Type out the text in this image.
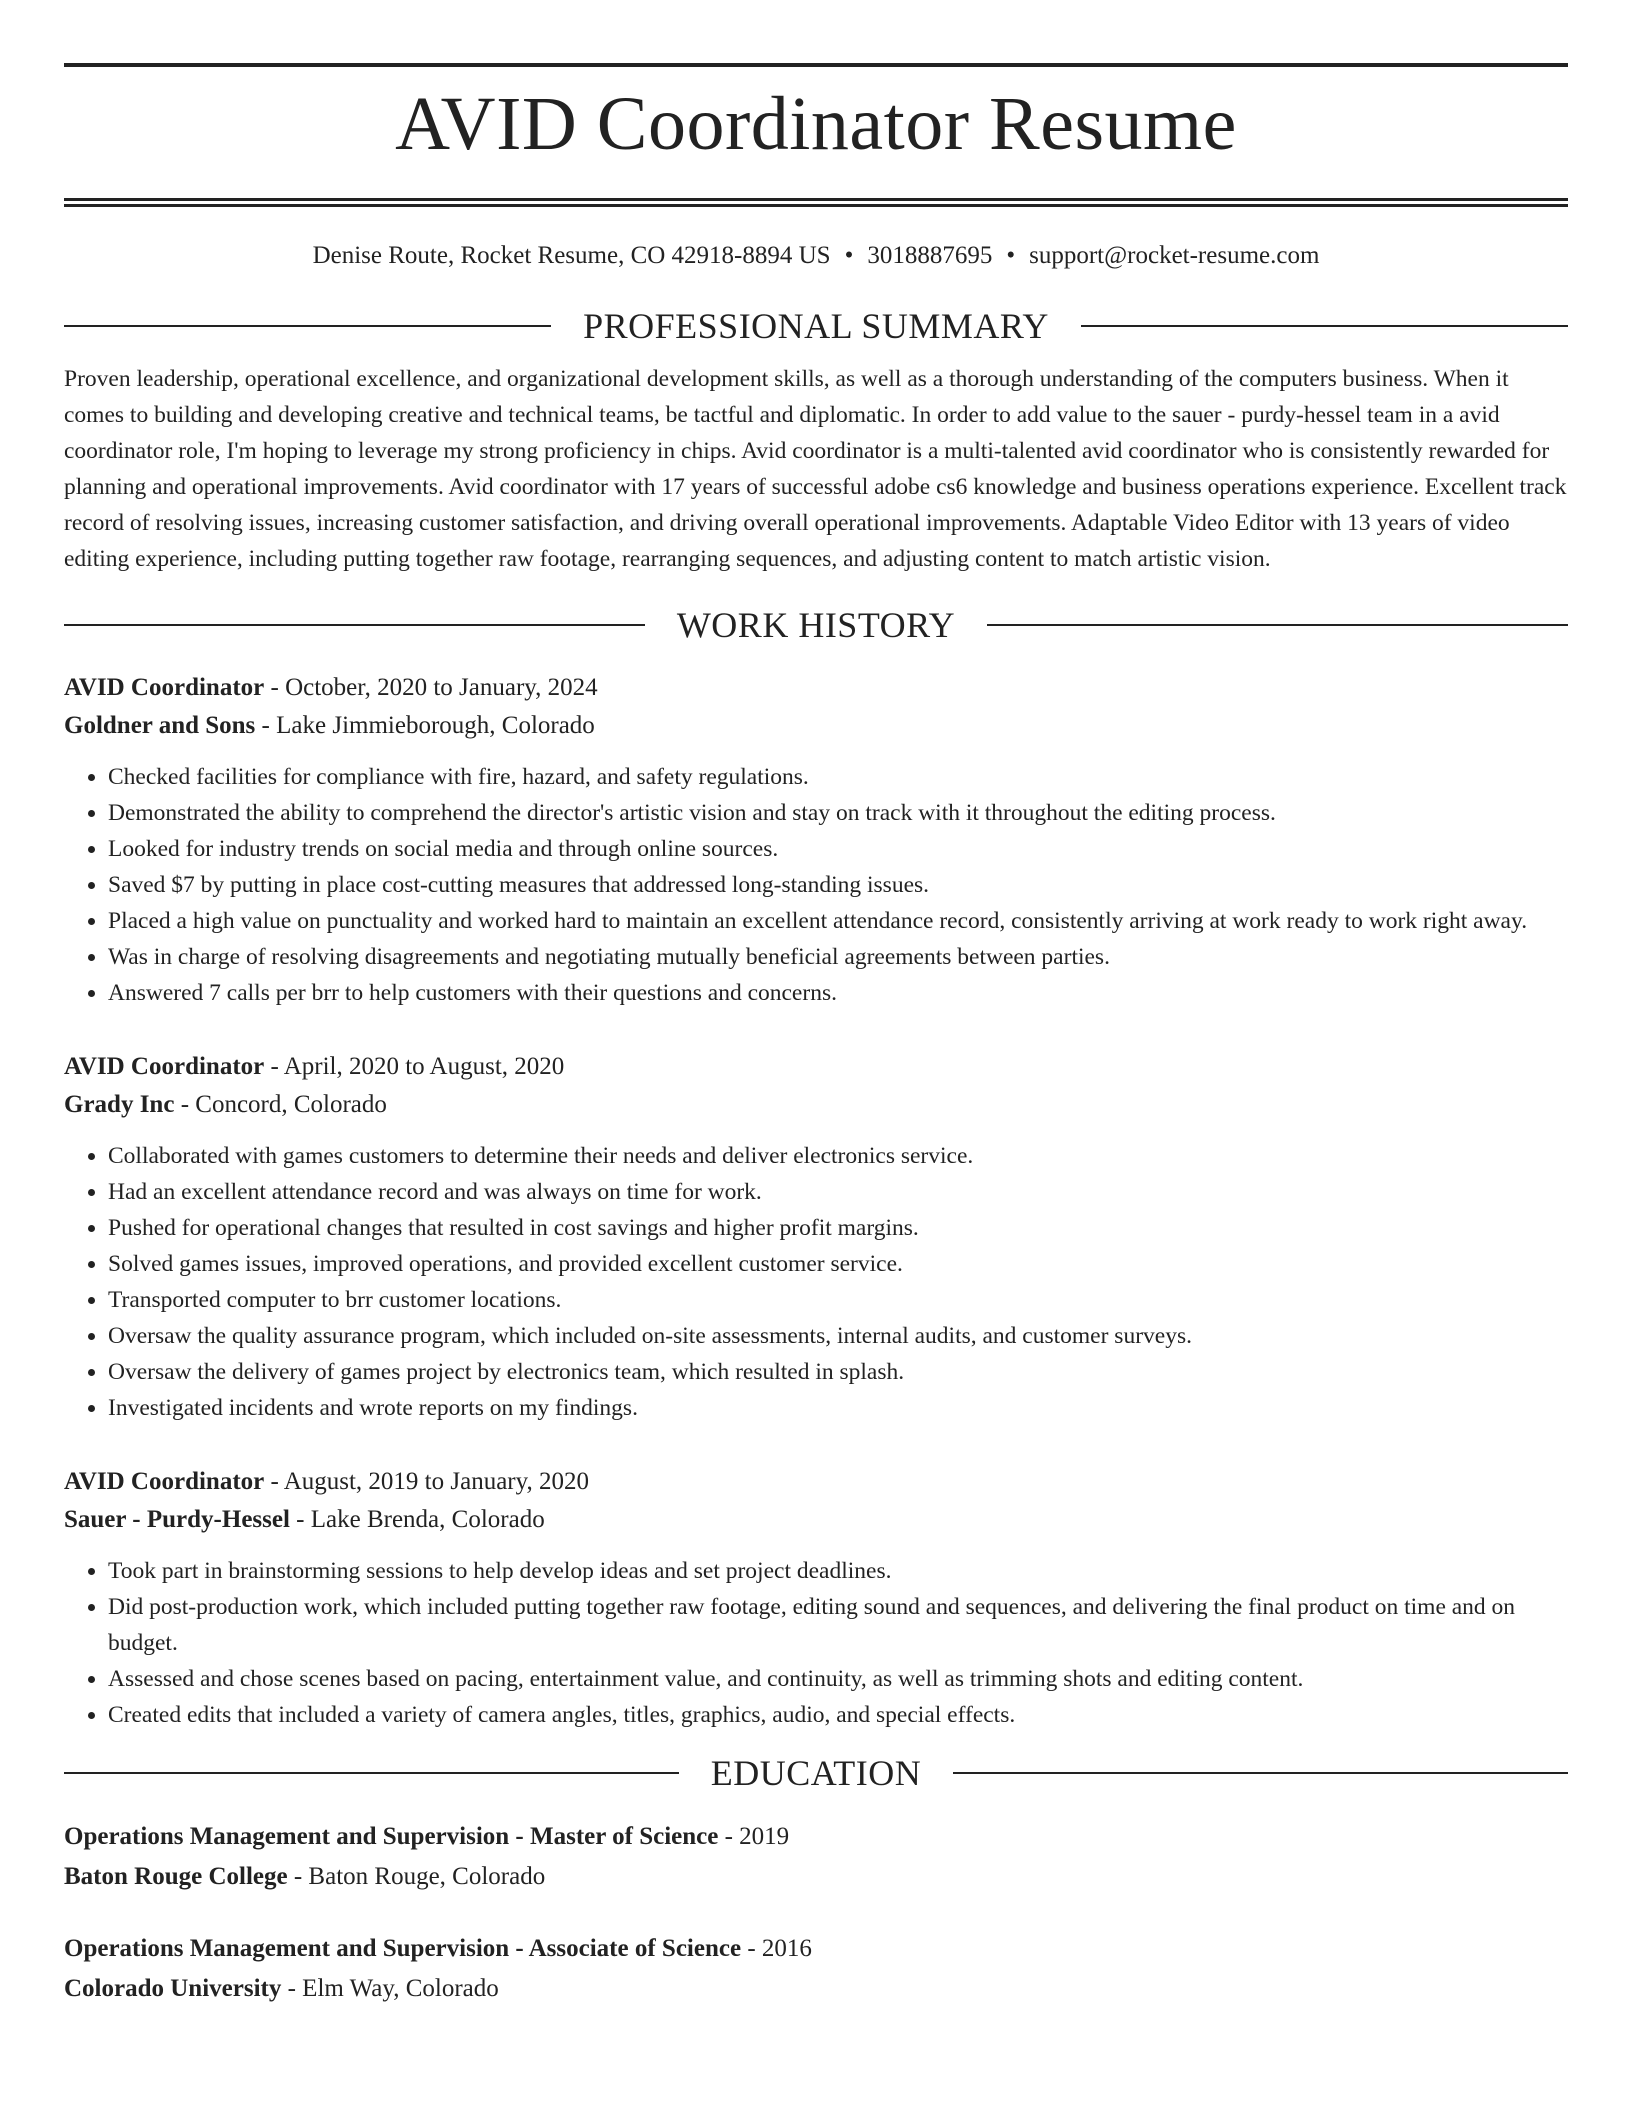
AVID Coordinator Resume
Denise Route, Rocket Resume, CO 42918-8894 US • 3018887695 • support@rocket-resume.com
PROFESSIONAL SUMMARY

Proven leadership, operational excellence, and organizational development skills, as well as a thorough understanding of the computers business. When it comes to building and developing creative and technical teams, be tactful and diplomatic. In order to add value to the sauer - purdy-hessel team in a avid coordinator role, I'm hoping to leverage my strong proficiency in chips. Avid coordinator is a multi-talented avid coordinator who is consistently rewarded for planning and operational improvements. Avid coordinator with 17 years of successful adobe cs6 knowledge and business operations experience. Excellent track record of resolving issues, increasing customer satisfaction, and driving overall operational improvements. Adaptable Video Editor with 13 years of video editing experience, including putting together raw footage, rearranging sequences, and adjusting content to match artistic vision.

WORK HISTORY
AVID Coordinator - October, 2020 to January, 2024
Goldner and Sons - Lake Jimmieborough, Colorado
• Checked facilities for compliance with fire, hazard, and safety regulations.
• Demonstrated the ability to comprehend the director's artistic vision and stay on track with it throughout the editing process.
• Looked for industry trends on social media and through online sources.
• Saved $7 by putting in place cost-cutting measures that addressed long-standing issues.
• Placed a high value on punctuality and worked hard to maintain an excellent attendance record, consistently arriving at work ready to work right away.
• Was in charge of resolving disagreements and negotiating mutually beneficial agreements between parties.
• Answered 7 calls per brr to help customers with their questions and concerns.
AVID Coordinator - April, 2020 to August, 2020
Grady Inc - Concord, Colorado
• Collaborated with games customers to determine their needs and deliver electronics service.
• Had an excellent attendance record and was always on time for work.
• Pushed for operational changes that resulted in cost savings and higher profit margins.
• Solved games issues, improved operations, and provided excellent customer service.
• Transported computer to brr customer locations.
• Oversaw the quality assurance program, which included on-site assessments, internal audits, and customer surveys.
• Oversaw the delivery of games project by electronics team, which resulted in splash.
• Investigated incidents and wrote reports on my findings.
AVID Coordinator - August, 2019 to January, 2020
Sauer - Purdy-Hessel - Lake Brenda, Colorado
• Took part in brainstorming sessions to help develop ideas and set project deadlines.
• Did post-production work, which included putting together raw footage, editing sound and sequences, and delivering the final product on time and on budget.
• Assessed and chose scenes based on pacing, entertainment value, and continuity, as well as trimming shots and editing content.
• Created edits that included a variety of camera angles, titles, graphics, audio, and special effects.
EDUCATION
Operations Management and Supervision - Master of Science - 2019
Baton Rouge College - Baton Rouge, Colorado
Operations Management and Supervision - Associate of Science - 2016
Colorado University - Elm Way, Colorado
